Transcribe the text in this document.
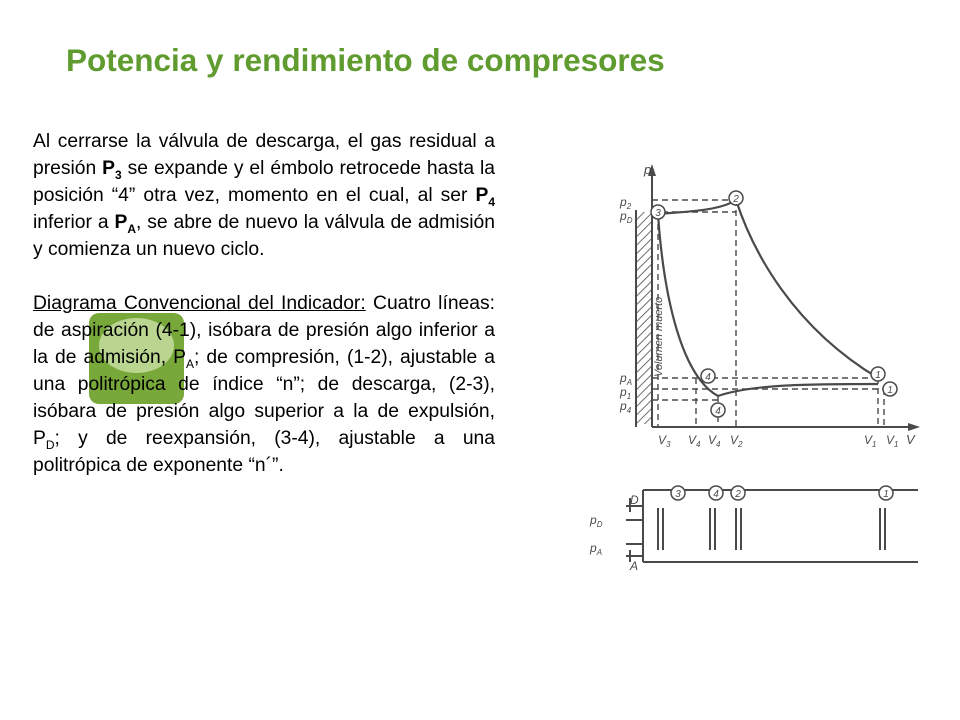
Potencia y rendimiento de compresores

Al cerrarse la válvula de descarga, el gas residual a presión $P_3$ se expande y el émbolo retrocede hasta la posición “4” otra vez, momento en el cual, al ser $P_4$ inferior a $P_A$, se abre de nuevo la válvula de admisión y comienza un nuevo ciclo.

Diagrama Convencional del Indicador: Cuatro líneas: de aspiración (4-1), isóbara de presión algo inferior a la de admisión, $P_A$; de compresión, (1-2), ajustable a una politrópica de índice “n”; de descarga, (2-3), isóbara de presión algo superior a la de expulsión, $P_D$; y de reexpansión, (3-4), ajustable a una politrópica de exponente “n´”.

Volumen muerto
p
V
$p_2$
$p_D$
$p_A$
$p_1$
$p_4$
$V_3$ $V_4$ $V_4$ $V_2$	$V_1$ $V_1$
3
2
1
1
4
4
3	4 2	1
$p_D$
$p_A$
D
A
